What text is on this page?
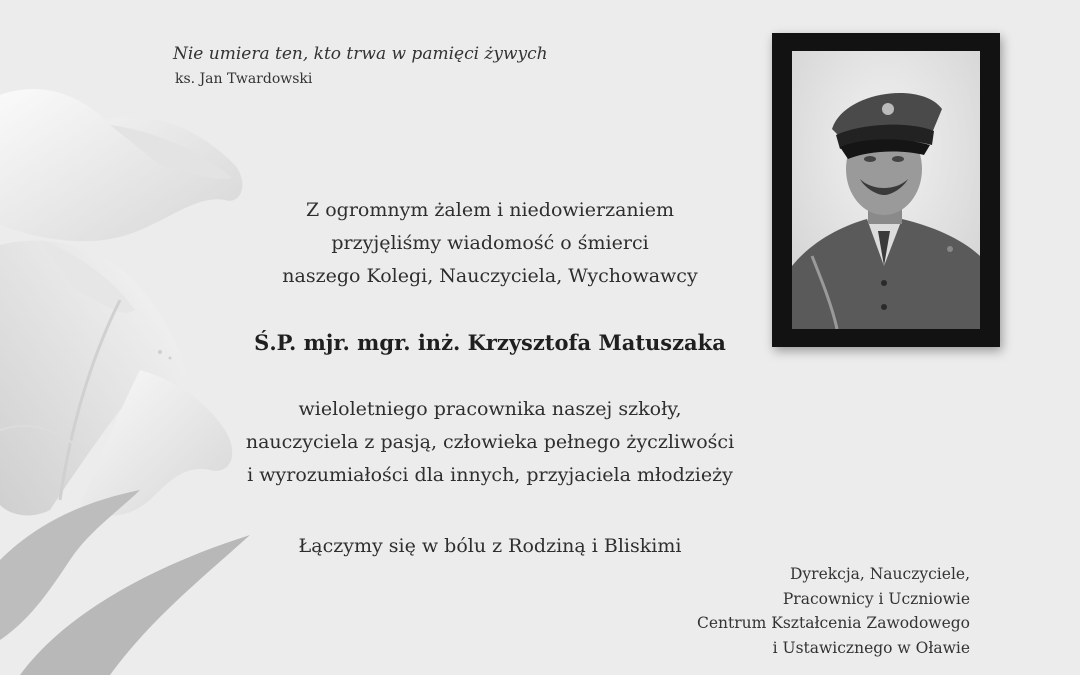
Nie umiera ten, kto trwa w pamięci żywych
ks. Jan Twardowski
Z ogromnym żalem i niedowierzaniem
przyjęliśmy wiadomość o śmierci
naszego Kolegi, Nauczyciela, Wychowawcy
Ś.P. mjr. mgr. inż. Krzysztofa Matuszaka
wieloletniego pracownika naszej szkoły,
nauczyciela z pasją, człowieka pełnego życzliwości
i wyrozumiałości dla innych, przyjaciela młodzieży
Łączymy się w bólu z Rodziną i Bliskimi
Dyrekcja, Nauczyciele,
Pracownicy i Uczniowie
Centrum Kształcenia Zawodowego
i Ustawicznego w Oławie
